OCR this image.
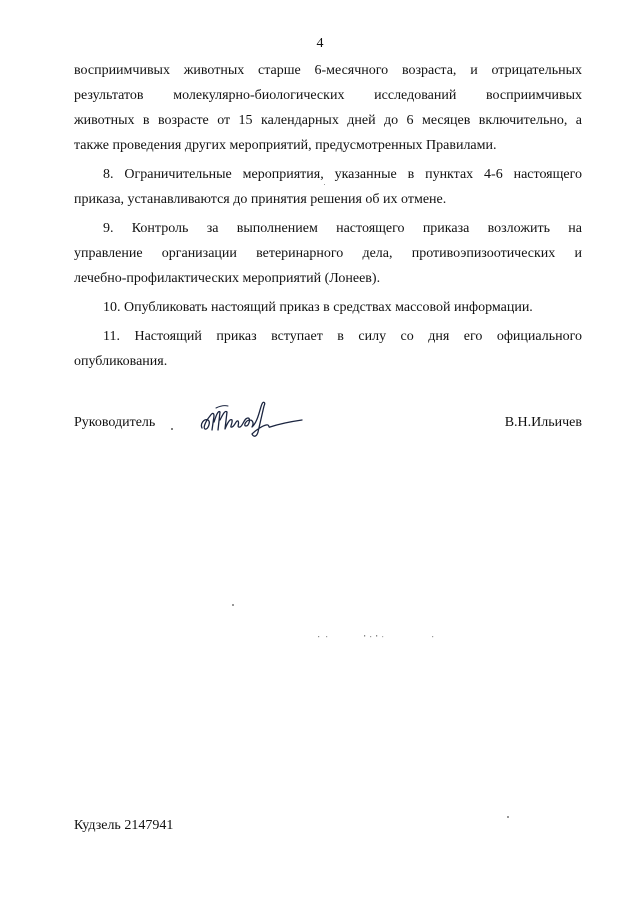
4
восприимчивых животных старше 6-месячного возраста, и отрицательных
результатов молекулярно-биологических исследований восприимчивых
животных в возрасте от 15 календарных дней до 6 месяцев включительно, а
также проведения других мероприятий, предусмотренных Правилами.
8. Ограничительные мероприятия, указанные в пунктах 4-6 настоящего
приказа, устанавливаются до принятия решения об их отмене.
9. Контроль за выполнением настоящего приказа возложить на
управление организации ветеринарного дела, противоэпизоотических и
лечебно-профилактических мероприятий (Лонеев).
10. Опубликовать настоящий приказ в средствах массовой информации.
11. Настоящий приказ вступает в силу со дня его официального
опубликования.
Руководитель	В.Н.Ильичев
Кудзель 2147941
